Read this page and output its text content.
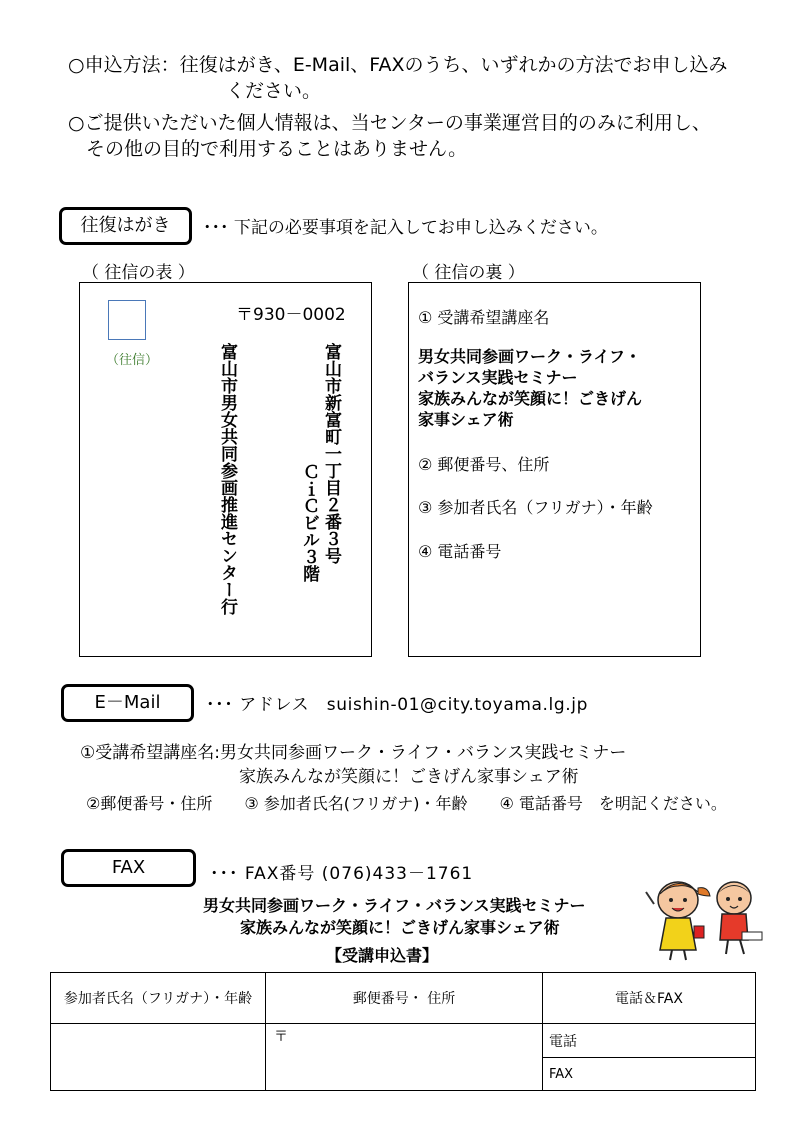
○申込方法：往復はがき、E-Mail、FAXのうち、いずれかの方法でお申し込み
ください。
○ご提供いただいた個人情報は、当センターの事業運営目的のみに利用し、
その他の目的で利用することはありません。
往復はがき	･･･ 下記の必要事項を記入してお申し込みください。
（ 往信の表 ）	（ 往信の裏 ）
（往信）
〒930－0002
富山市新富町一丁目２番３号
ＣｉＣビル３階
富山市男女共同参画推進センター行
① 受講希望講座名
男女共同参画ワーク・ライフ・
バランス実践セミナー
家族みんなが笑顔に！ごきげん
家事シェア術
② 郵便番号、住所
③ 参加者氏名（フリガナ）・年齢
④ 電話番号
E－Mail	･･･ アドレス　suishin-01@city.toyama.lg.jp
①受講希望講座名:男女共同参画ワーク・ライフ・バランス実践セミナー
家族みんなが笑顔に！ごきげん家事シェア術
②郵便番号・住所　　③ 参加者氏名(フリガナ)・年齢　　④ 電話番号　を明記ください。
FAX	･･･ FAX番号 (076)433－1761
男女共同参画ワーク・ライフ・バランス実践セミナー
家族みんなが笑顔に！ごきげん家事シェア術
【受講申込書】
参加者氏名（フリガナ）・年齢	郵便番号・ 住所	電話＆FAX
	〒	電話
		FAX
